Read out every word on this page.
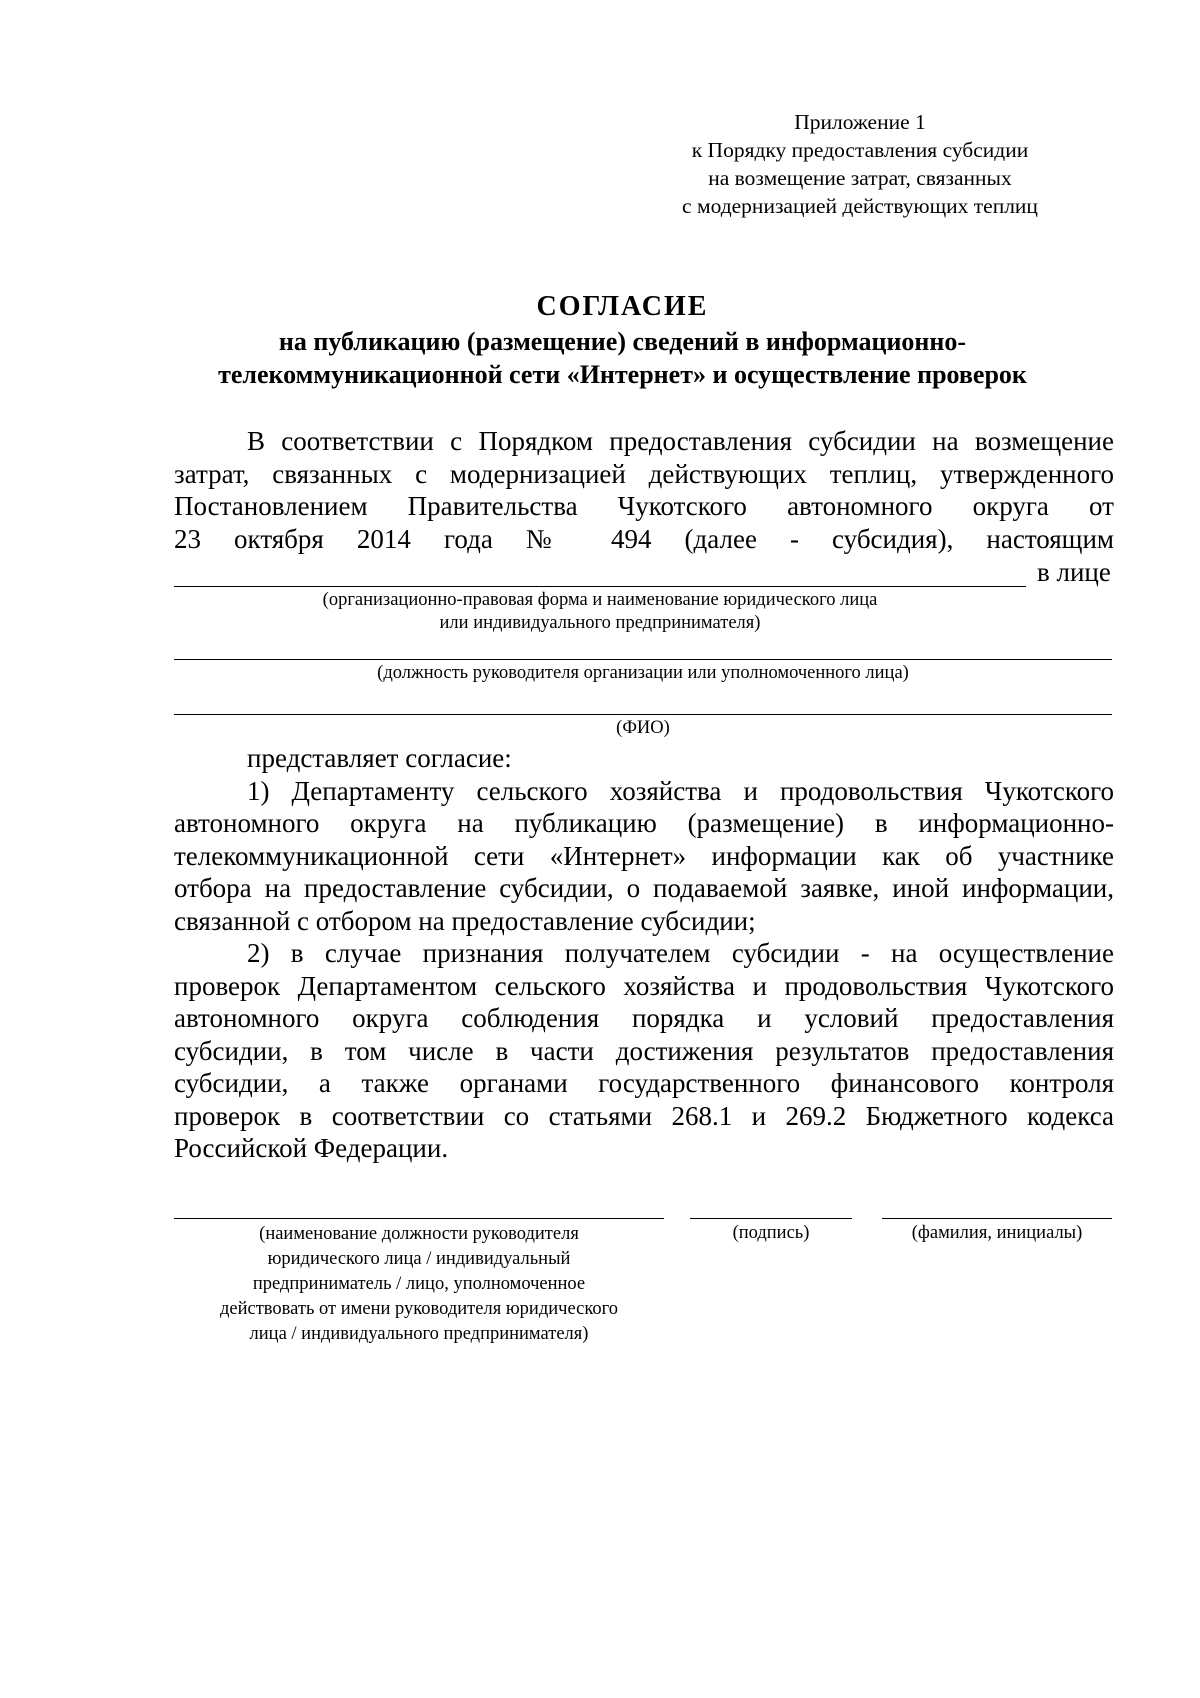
Приложение 1
к Порядку предоставления субсидии
на возмещение затрат, связанных
с модернизацией действующих теплиц
СОГЛАСИЕ
на публикацию (размещение) сведений в информационно-
телекоммуникационной сети «Интернет» и осуществление проверок
В соответствии с Порядком предоставления субсидии на возмещение
затрат, связанных с модернизацией действующих теплиц, утвержденного
Постановлением Правительства Чукотского автономного округа от
23 октября 2014 года № 494 (далее - субсидия), настоящим
в лице
(организационно-правовая форма и наименование юридического лица
или индивидуального предпринимателя)
(должность руководителя организации или уполномоченного лица)
(ФИО)
представляет согласие:
1) Департаменту сельского хозяйства и продовольствия Чукотского
автономного округа на публикацию (размещение) в информационно-
телекоммуникационной сети «Интернет» информации как об участнике
отбора на предоставление субсидии, о подаваемой заявке, иной информации,
связанной с отбором на предоставление субсидии;
2) в случае признания получателем субсидии - на осуществление
проверок Департаментом сельского хозяйства и продовольствия Чукотского
автономного округа соблюдения порядка и условий предоставления
субсидии, в том числе в части достижения результатов предоставления
субсидии, а также органами государственного финансового контроля
проверок в соответствии со статьями 268.1 и 269.2 Бюджетного кодекса
Российской Федерации.
(наименование должности руководителя
юридического лица / индивидуальный
предприниматель / лицо, уполномоченное
действовать от имени руководителя юридического
лица / индивидуального предпринимателя)
(подпись)	(фамилия, инициалы)
